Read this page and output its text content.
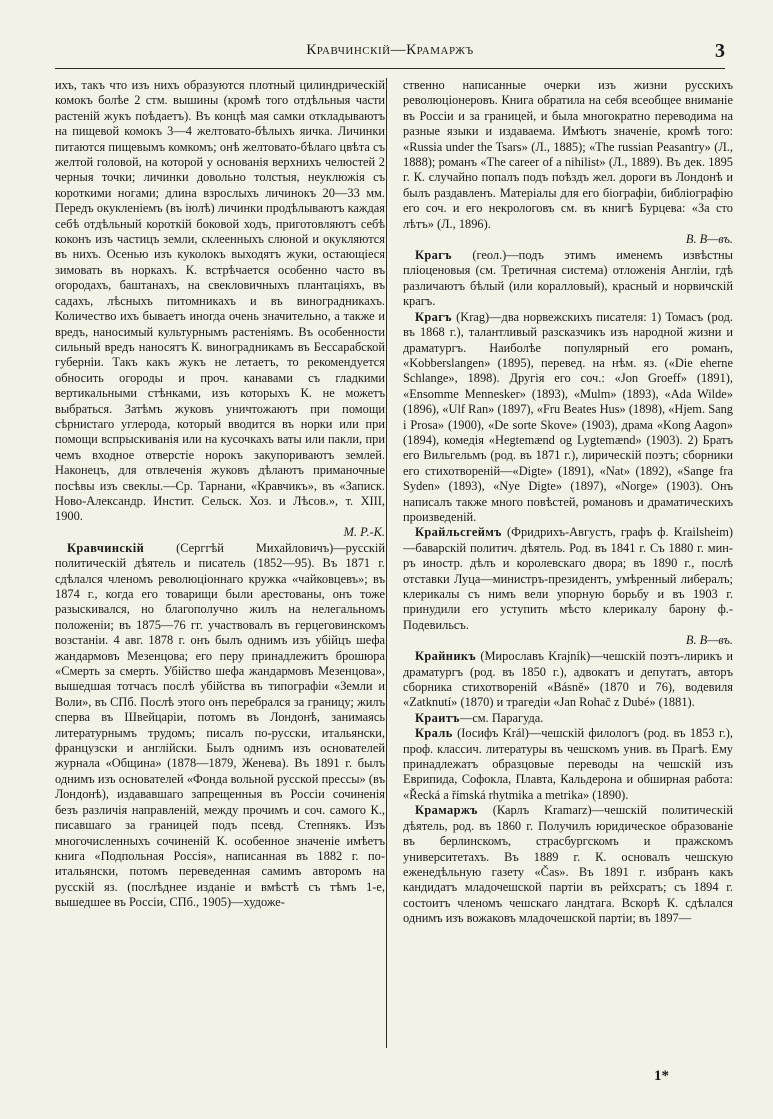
Кравчинскій—Крамаржъ	3

ихъ, такъ что изъ нихъ образуются плотный цилиндрическій комокъ болѣе 2 стм. вышины (кромѣ того отдѣльныя части растеній жукъ поѣдаетъ). Въ концѣ мая самки откладываютъ на пищевой комокъ 3—4 желтовато-бѣлыхъ яичка. Личинки питаются пищевымъ комкомъ; онѣ желтовато-бѣлаго цвѣта съ желтой головой, на которой у основанія верхнихъ челюстей 2 черныя точки; личинки довольно толстыя, неуклюжія съ короткими ногами; длина взрослыхъ личинокъ 20—33 мм. Передъ окукленіемъ (въ іюлѣ) личинки продѣлываютъ каждая себѣ отдѣльный короткій боковой ходъ, приготовляютъ себѣ коконъ изъ частицъ земли, склеенныхъ слюной и окукляются въ нихъ. Осенью изъ куколокъ выходятъ жуки, остающіеся зимовать въ норкахъ. К. встрѣчается особенно часто въ огородахъ, баштанахъ, на свекловичныхъ плантаціяхъ, въ садахъ, лѣсныхъ питомникахъ и въ виноградникахъ. Количество ихъ бываетъ иногда очень значительно, а также и вредъ, наносимый культурнымъ растеніямъ. Въ особенности сильный вредъ наносятъ К. виноградникамъ въ Бессарабской губерніи. Такъ какъ жукъ не летаетъ, то рекомендуется обносить огороды и проч. канавами съ гладкими вертикальными стѣнками, изъ которыхъ К. не можетъ выбраться. Затѣмъ жуковъ уничтожаютъ при помощи сѣрнистаго углерода, который вводится въ норки или при помощи вспрыскиванія или на кусочкахъ ваты или пакли, при чемъ входное отверстіе норокъ закупориваютъ землей. Наконецъ, для отвлеченія жуковъ дѣлаютъ приманочные посѣвы изъ свеклы.—Ср. Тарнани, «Кравчикъ», въ «Записк. Ново-Александр. Инстит. Сельск. Хоз. и Лѣсов.», т. XIII, 1900.

М. Р.-К.

Кравчинскій	(Серггѣй Михайловичъ)—русскій политическій дѣятель и писатель (1852—95). Въ 1871 г. сдѣлался членомъ революціоннаго кружка «чайковцевъ»; въ 1874 г., когда его товарищи были арестованы, онъ тоже разыскивался, но благополучно жилъ на нелегальномъ положеніи; въ 1875—76 гг. участвовалъ въ герцеговинскомъ возстаніи. 4 авг. 1878 г. онъ былъ однимъ изъ убійцъ шефа жандармовъ Мезенцова; его перу принадлежитъ брошюра «Смерть за смерть. Убійство шефа жандармовъ Мезенцова», вышедшая тотчасъ послѣ убійства въ типографіи «Земли и Воли», въ СПб. Послѣ этого онъ перебрался за границу; жилъ сперва въ Швейцаріи, потомъ въ Лондонѣ, занимаясь литературнымъ трудомъ; писалъ по-русски, итальянски, французски и англійски. Былъ однимъ изъ основателей журнала «Община» (1878—1879, Женева). Въ 1891 г. былъ однимъ изъ основателей «Фонда вольной русской прессы» (въ Лондонѣ), издававшаго запрещенныя въ Россіи сочиненія безъ различія направленій, между прочимъ и соч. самого К., писавшаго за границей подъ псевд. Степнякъ. Изъ многочисленныхъ сочиненій К. особенное значеніе имѣетъ книга «Подпольная Россія», написанная въ 1882 г. по-итальянски, потомъ переведенная самимъ авторомъ на русскій яз. (послѣднее изданіе и вмѣстѣ съ тѣмъ 1-е, вышедшее въ Россіи, СПб., 1905)—художе-

ственно написанные очерки изъ жизни русскихъ революціонеровъ. Книга обратила на себя всеобщее вниманіе въ Россіи и за границей, и была многократно переводима на разные языки и издаваема. Имѣютъ значеніе, кромѣ того: «Russia under the Tsars» (Л., 1885); «The russian Peasantry» (Л., 1888); романъ «The career of a nihilist» (Л., 1889). Въ дек. 1895 г. К. случайно попалъ подъ поѣздъ жел. дороги въ Лондонѣ и былъ раздавленъ. Матеріалы для его біографіи, библіографію его соч. и его некрологовъ см. въ книгѣ Бурцева: «За сто лѣтъ» (Л., 1896).

В. В—въ.

Крагъ (геол.)—подъ этимъ именемъ извѣстны пліоценовыя (см. Третичная система) отложенія Англіи, гдѣ различаютъ бѣлый (или коралловый), красный и норвичскій крагъ.

Крагъ (Krag)—два норвежскихъ писателя: 1) Томасъ (род. въ 1868 г.), талантливый разсказчикъ изъ народной жизни и драматургъ. Наиболѣе популярный его романъ, «Kobberslangen» (1895), перевед. на нѣм. яз. («Die eherne Schlange», 1898). Другія его соч.: «Jon Groeff» (1891), «Ensomme Mennesker» (1893), «Mulm» (1893), «Ada Wilde» (1896), «Ulf Ran» (1897), «Fru Beates Hus» (1898), «Hjem. Sang i Prosa» (1900), «De sorte Skove» (1903), драма «Kong Aagon» (1894), комедія «Hegtemænd og Lygtemænd» (1903). 2) Братъ его Вильгельмъ (род. въ 1871 г.), лирическій поэтъ; сборники его стихотвореній—«Digte» (1891), «Nat» (1892), «Sange fra Syden» (1893), «Nye Digte» (1897), «Norge» (1903). Онъ написалъ также много повѣстей, романовъ и драматическихъ произведеній.

Крайльсгеймъ (Фридрихъ-Августъ, графъ ф. Krailsheim)—баварскій политич. дѣятель. Род. въ 1841 г. Съ 1880 г. мин-ръ иностр. дѣлъ и королевскаго двора; въ 1890 г., послѣ отставки Луца—министръ-президентъ, умѣренный либералъ; клерикалы съ нимъ вели упорную борьбу и въ 1903 г. принудили его уступить мѣсто клерикалу барону ф.-Подевильсъ.

В. В—въ.

Крайникъ (Мирославъ Krajník)—чешскій поэтъ-лирикъ и драматургъ (род. въ 1850 г.), адвокатъ и депутатъ, авторъ сборника стихотвореній «Básně» (1870 и 76), водевиля «Zatknutí» (1870) и трагедіи «Jan Rohač z Dubé» (1881).

Краитъ—см. Парагуда.

Краль (Іосифъ Král)—чешскій филологъ (род. въ 1853 г.), проф. классич. литературы въ чешскомъ унив. въ Прагѣ. Ему принадлежатъ образцовые переводы на чешскій изъ Еврипида, Софокла, Плавта, Кальдерона и обширная работа: «Řecká a římská rhytmika a metrika» (1890).

Крамаржъ (Карлъ Kramarz)—чешскій политическій дѣятель, род. въ 1860 г. Получилъ юридическое образованіе въ берлинскомъ, страсбургскомъ и пражскомъ университетахъ. Въ 1889 г. К. основалъ чешскую еженедѣльную газету «Čas». Въ 1891 г. избранъ какъ кандидатъ младочешской партіи въ рейхсратъ; съ 1894 г. состоитъ членомъ чешскаго ландтага. Вскорѣ К. сдѣлался однимъ изъ вожаковъ младочешской партіи; въ 1897—

1*
